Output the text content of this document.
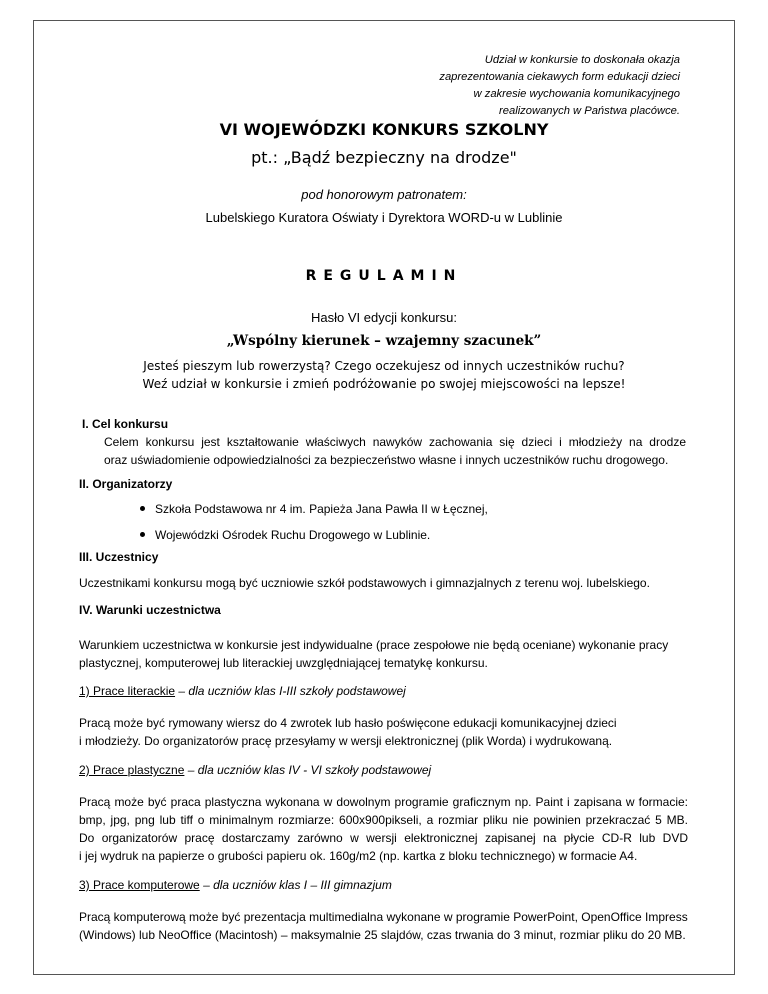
Udział w konkursie to doskonała okazja
zaprezentowania ciekawych form edukacji dzieci
w zakresie wychowania komunikacyjnego
realizowanych w Państwa placówce.
VI WOJEWÓDZKI KONKURS SZKOLNY
pt.: „Bądź bezpieczny na drodze"
pod honorowym patronatem:
Lubelskiego Kuratora Oświaty i Dyrektora WORD-u w Lublinie
REGULAMIN
Hasło VI edycji konkursu:
„Wspólny kierunek – wzajemny szacunek”
Jesteś pieszym lub rowerzystą? Czego oczekujesz od innych uczestników ruchu?
Weź udział w konkursie i zmień podróżowanie po swojej miejscowości na lepsze!
I. Cel konkursu
Celem konkursu jest kształtowanie właściwych nawyków zachowania się dzieci i młodzieży na drodze
oraz uświadomienie odpowiedzialności za bezpieczeństwo własne i innych uczestników ruchu drogowego.
II. Organizatorzy
Szkoła Podstawowa nr 4 im. Papieża Jana Pawła II w Łęcznej,
Wojewódzki Ośrodek Ruchu Drogowego w Lublinie.
III. Uczestnicy
Uczestnikami konkursu mogą być uczniowie szkół podstawowych i gimnazjalnych z terenu woj. lubelskiego.
IV. Warunki uczestnictwa
Warunkiem uczestnictwa w konkursie jest indywidualne (prace zespołowe nie będą oceniane) wykonanie pracy
plastycznej, komputerowej lub literackiej uwzględniającej tematykę konkursu.
1) Prace literackie – dla uczniów klas I-III szkoły podstawowej
Pracą może być rymowany wiersz do 4 zwrotek lub hasło poświęcone edukacji komunikacyjnej dzieci
i młodzieży. Do organizatorów pracę przesyłamy w wersji elektronicznej (plik Worda) i wydrukowaną.
2) Prace plastyczne – dla uczniów klas IV - VI szkoły podstawowej
Pracą może być praca plastyczna wykonana w dowolnym programie graficznym np. Paint i zapisana w formacie:
bmp, jpg, png lub tiff o minimalnym rozmiarze: 600x900pikseli, a rozmiar pliku nie powinien przekraczać 5 MB.
Do organizatorów pracę dostarczamy zarówno w wersji elektronicznej zapisanej na płycie CD-R lub DVD
i jej wydruk na papierze o grubości papieru ok. 160g/m2 (np. kartka z bloku technicznego) w formacie A4.
3) Prace komputerowe – dla uczniów klas I – III gimnazjum
Pracą komputerową może być prezentacja multimedialna wykonane w programie PowerPoint, OpenOffice Impress
(Windows) lub NeoOffice (Macintosh) – maksymalnie 25 slajdów, czas trwania do 3 minut, rozmiar pliku do 20 MB.
